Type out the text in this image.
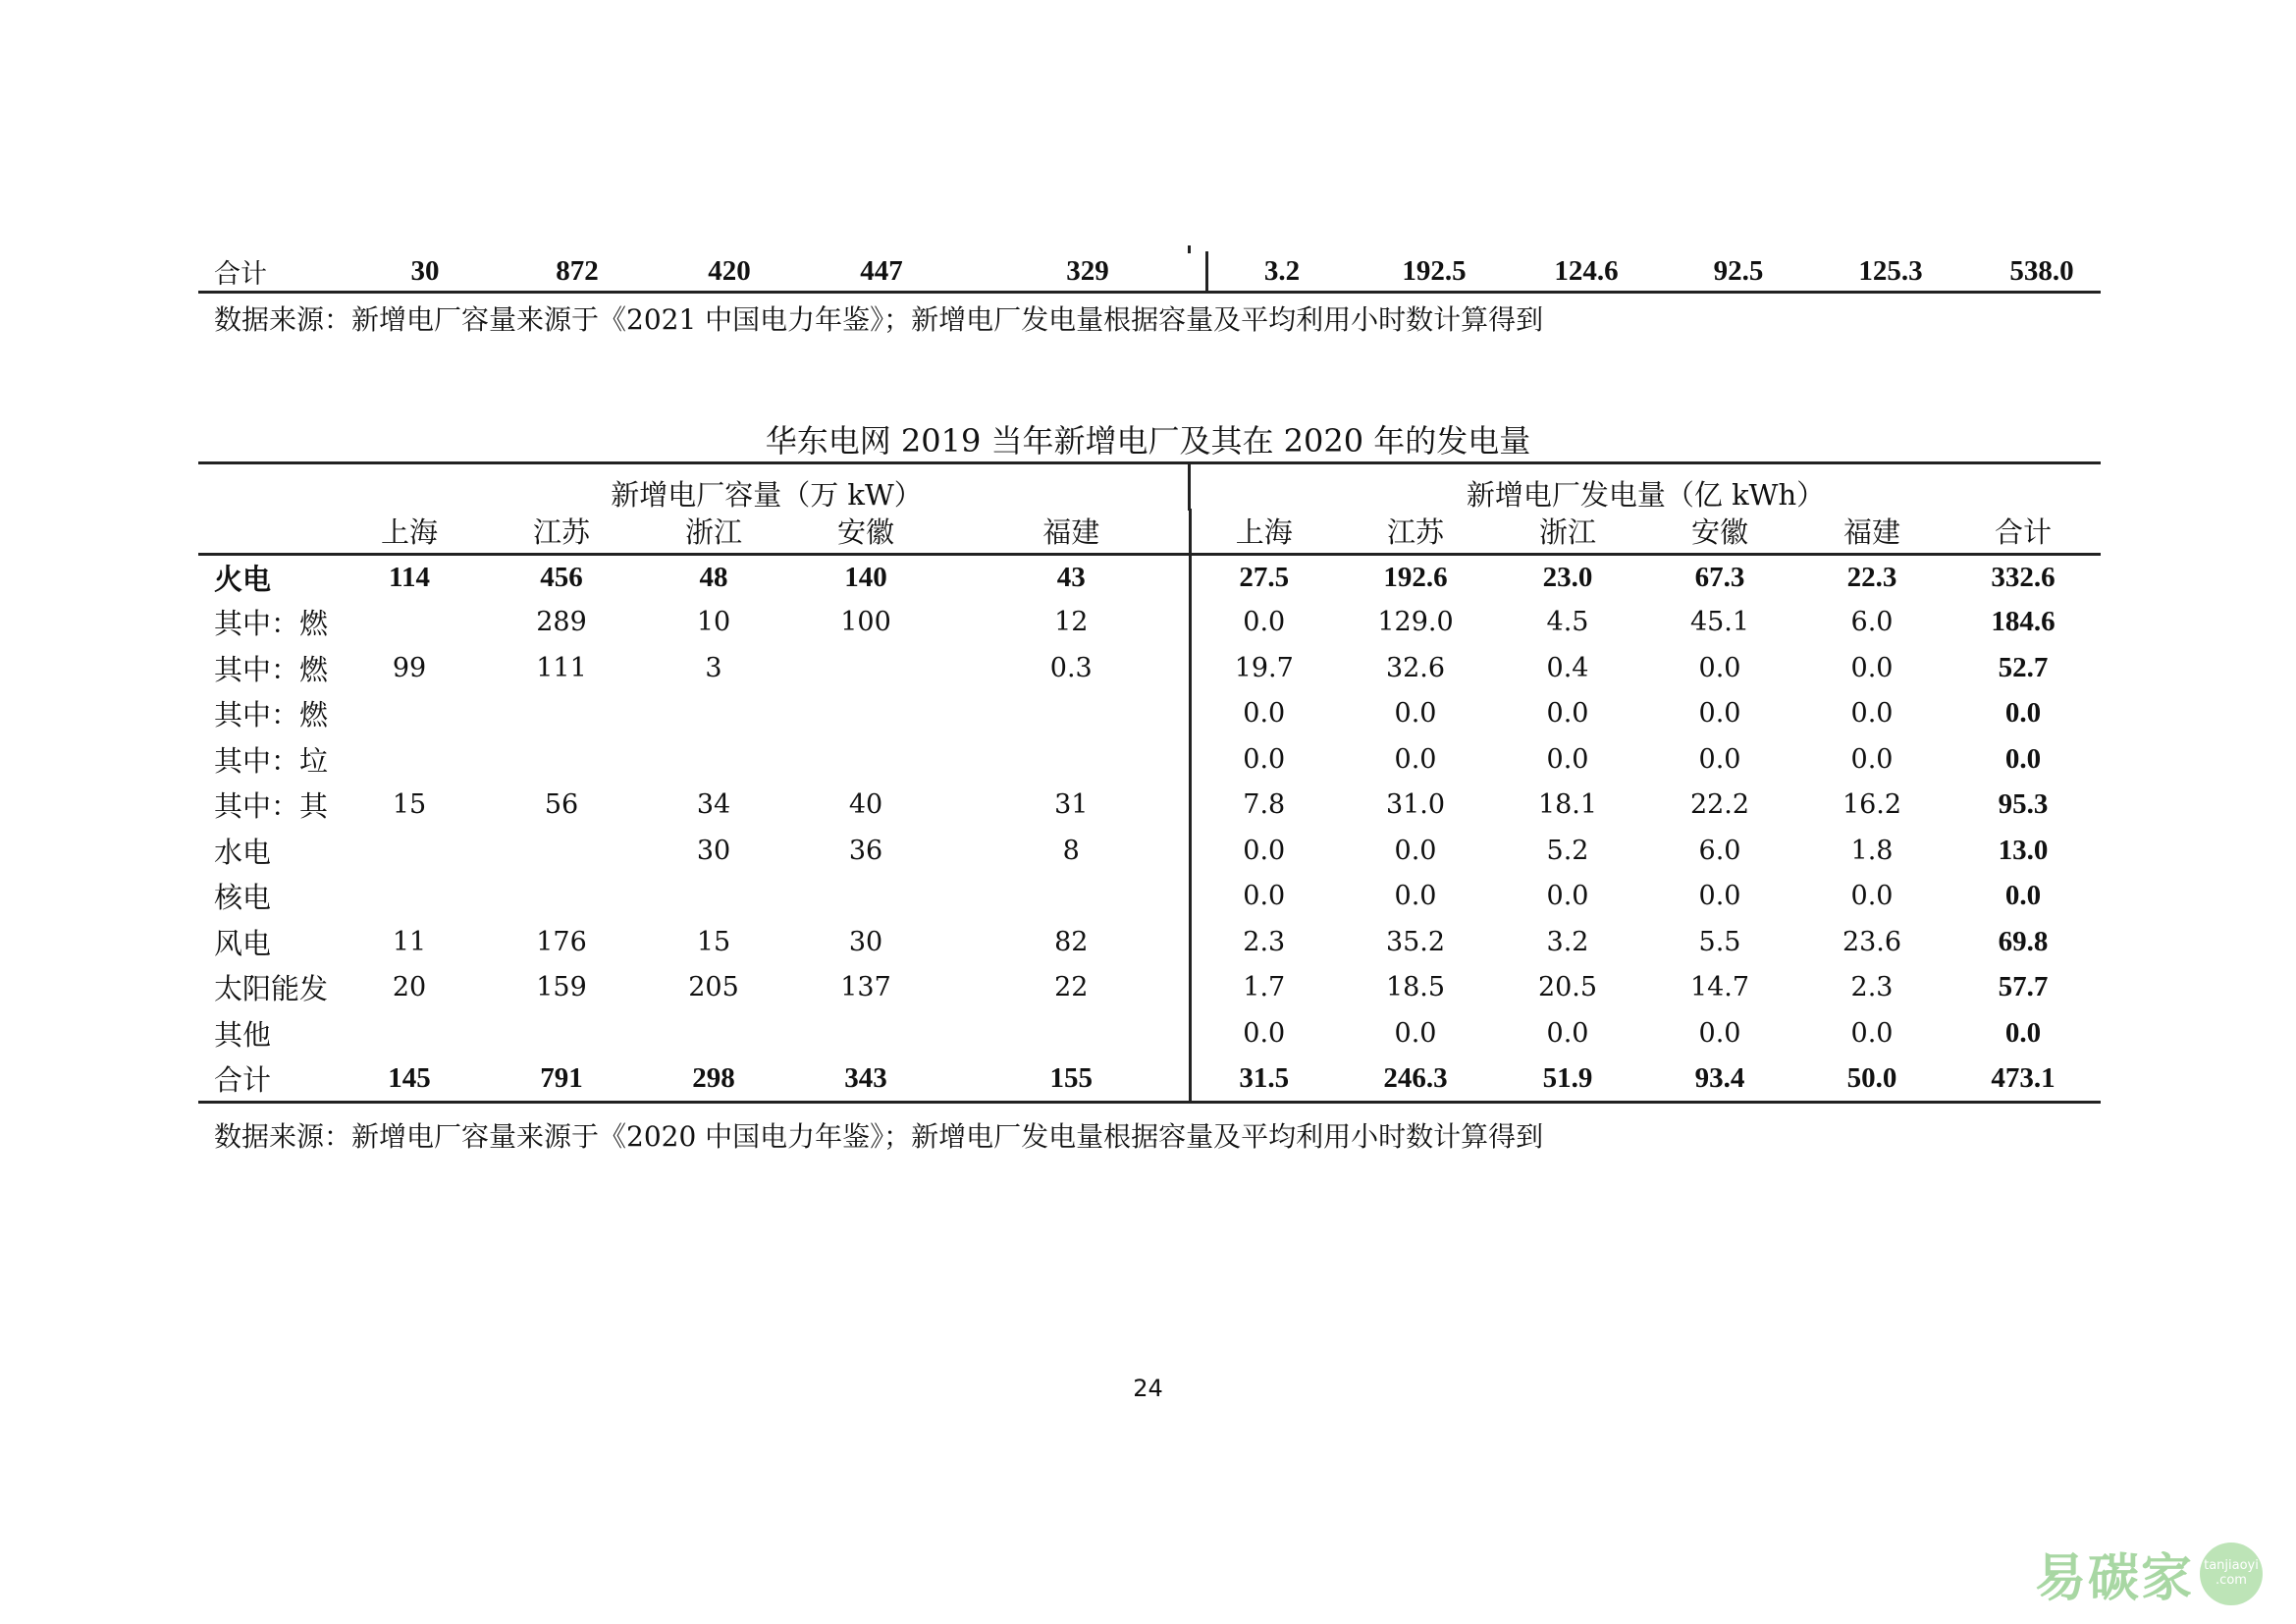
合计	30	872	420	447	329	3.2	192.5	124.6	92.5	125.3	538.0
数据来源：新增电厂容量来源于《2021 中国电力年鉴》；新增电厂发电量根据容量及平均利用小时数计算得到
华东电网 2019 当年新增电厂及其在 2020 年的发电量
新增电厂容量（万 kW）	新增电厂发电量（亿 kWh）
	上海	江苏	浙江	安徽	福建	上海	江苏	浙江	安徽	福建	合计
火电	114	456	48	140	43	27.5	192.6	23.0	67.3	22.3	332.6
其中：燃		289	10	100	12	0.0	129.0	4.5	45.1	6.0	184.6
其中：燃	99	111	3		0.3	19.7	32.6	0.4	0.0	0.0	52.7
其中：燃						0.0	0.0	0.0	0.0	0.0	0.0
其中：垃						0.0	0.0	0.0	0.0	0.0	0.0
其中：其	15	56	34	40	31	7.8	31.0	18.1	22.2	16.2	95.3
水电			30	36	8	0.0	0.0	5.2	6.0	1.8	13.0
核电						0.0	0.0	0.0	0.0	0.0	0.0
风电	11	176	15	30	82	2.3	35.2	3.2	5.5	23.6	69.8
太阳能发	20	159	205	137	22	1.7	18.5	20.5	14.7	2.3	57.7
其他						0.0	0.0	0.0	0.0	0.0	0.0
合计	145	791	298	343	155	31.5	246.3	51.9	93.4	50.0	473.1
数据来源：新增电厂容量来源于《2020 中国电力年鉴》；新增电厂发电量根据容量及平均利用小时数计算得到
24
易碳家 tanjiaoyi
.com
